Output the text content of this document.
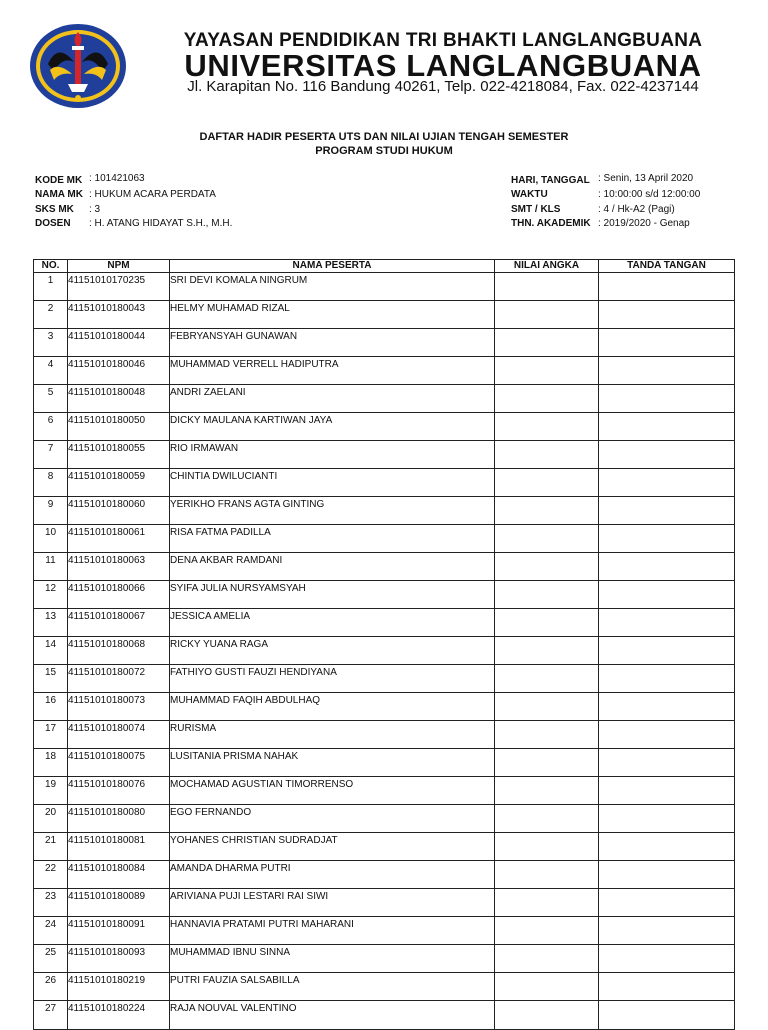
YAYASAN PENDIDIKAN TRI BHAKTI LANGLANGBUANA
UNIVERSITAS LANGLANGBUANA
Jl. Karapitan No. 116 Bandung 40261, Telp. 022-4218084, Fax. 022-4237144
DAFTAR HADIR PESERTA UTS DAN NILAI UJIAN TENGAH SEMESTER
PROGRAM STUDI HUKUM
KODE MK : 101421063
NAMA MK : HUKUM ACARA PERDATA
SKS MK : 3
DOSEN : H. ATANG HIDAYAT S.H., M.H.
HARI, TANGGAL : Senin, 13 April 2020
WAKTU	: 10:00:00 s/d 12:00:00
SMT / KLS	: 4 / Hk-A2 (Pagi)
THN. AKADEMIK : 2019/2020 - Genap
NO.	NPM	NAMA PESERTA	NILAI ANGKA	TANDA TANGAN
1	41151010170235	SRI DEVI KOMALA NINGRUM		
2	41151010180043	HELMY MUHAMAD RIZAL		
3	41151010180044	FEBRYANSYAH GUNAWAN		
4	41151010180046	MUHAMMAD VERRELL HADIPUTRA		
5	41151010180048	ANDRI ZAELANI		
6	41151010180050	DICKY MAULANA KARTIWAN JAYA		
7	41151010180055	RIO IRMAWAN		
8	41151010180059	CHINTIA DWILUCIANTI		
9	41151010180060	YERIKHO FRANS AGTA GINTING		
10	41151010180061	RISA FATMA PADILLA		
11	41151010180063	DENA AKBAR RAMDANI		
12	41151010180066	SYIFA JULIA NURSYAMSYAH		
13	41151010180067	JESSICA AMELIA		
14	41151010180068	RICKY YUANA RAGA		
15	41151010180072	FATHIYO GUSTI FAUZI HENDIYANA		
16	41151010180073	MUHAMMAD FAQIH ABDULHAQ		
17	41151010180074	RURISMA		
18	41151010180075	LUSITANIA PRISMA NAHAK		
19	41151010180076	MOCHAMAD AGUSTIAN TIMORRENSO		
20	41151010180080	EGO FERNANDO		
21	41151010180081	YOHANES CHRISTIAN SUDRADJAT		
22	41151010180084	AMANDA DHARMA PUTRI		
23	41151010180089	ARIVIANA PUJI LESTARI RAI SIWI		
24	41151010180091	HANNAVIA PRATAMI PUTRI MAHARANI		
25	41151010180093	MUHAMMAD IBNU SINNA		
26	41151010180219	PUTRI FAUZIA SALSABILLA		
27	41151010180224	RAJA NOUVAL VALENTINO		
